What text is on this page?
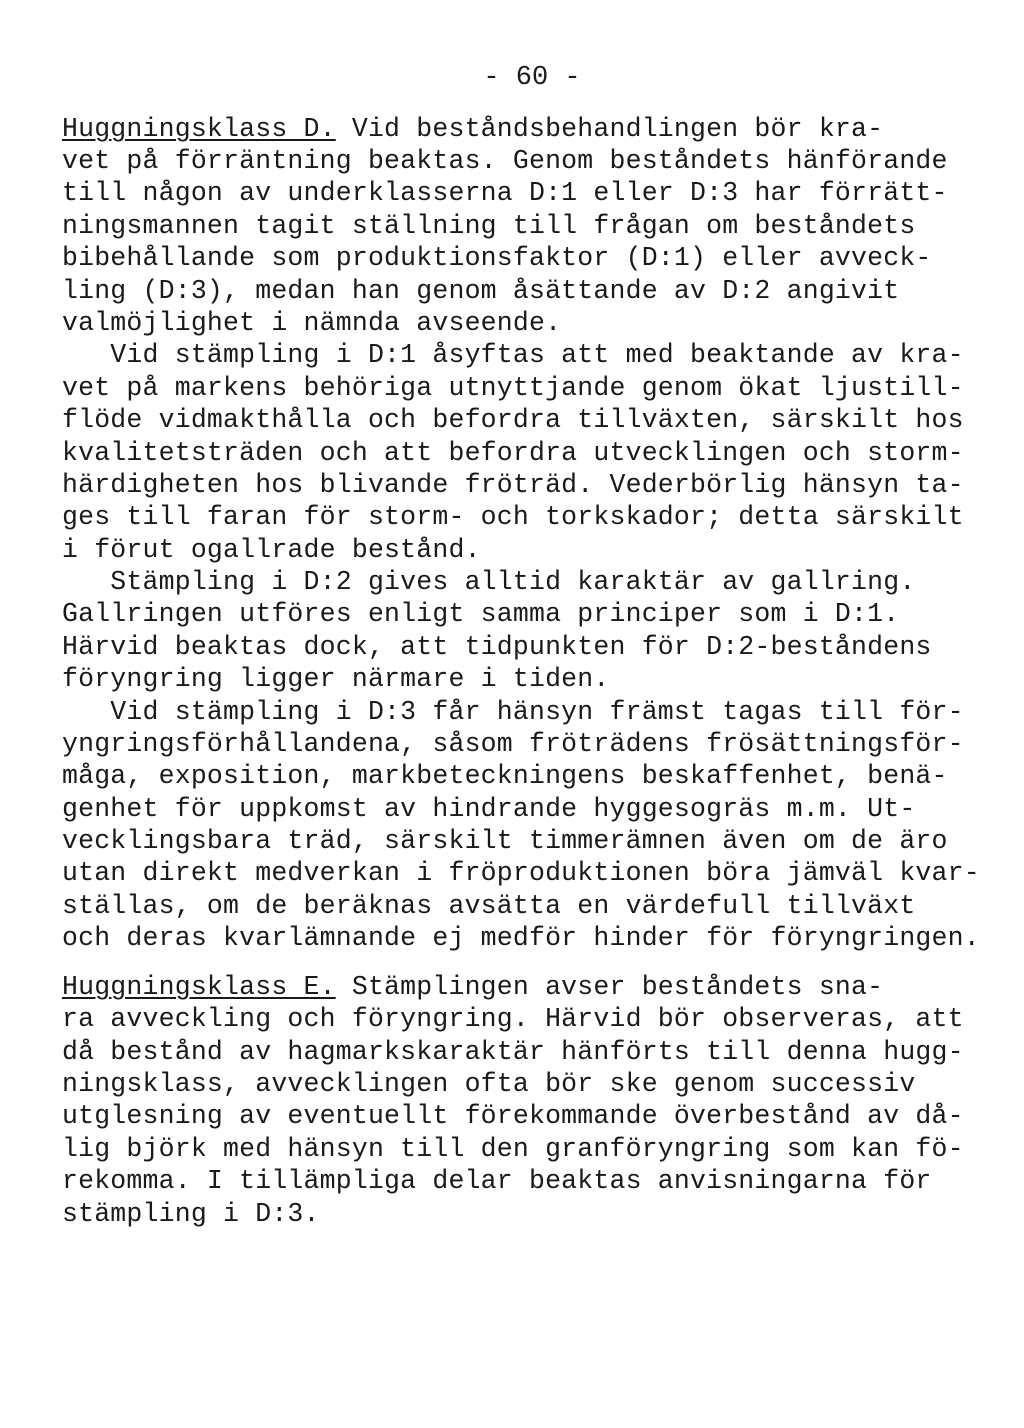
- 60 -
Huggningsklass D. Vid beståndsbehandlingen bör kra-
vet på förräntning beaktas. Genom beståndets hänförande
till någon av underklasserna D:1 eller D:3 har förrätt-
ningsmannen tagit ställning till frågan om beståndets
bibehållande som produktionsfaktor (D:1) eller avveck-
ling (D:3), medan han genom åsättande av D:2 angivit
valmöjlighet i nämnda avseende.
Vid stämpling i D:1 åsyftas att med beaktande av kra-
vet på markens behöriga utnyttjande genom ökat ljustill-
flöde vidmakthålla och befordra tillväxten, särskilt hos
kvalitetsträden och att befordra utvecklingen och storm-
härdigheten hos blivande fröträd. Vederbörlig hänsyn ta-
ges till faran för storm- och torkskador; detta särskilt
i förut ogallrade bestånd.
Stämpling i D:2 gives alltid karaktär av gallring.
Gallringen utföres enligt samma principer som i D:1.
Härvid beaktas dock, att tidpunkten för D:2-beståndens
föryngring ligger närmare i tiden.
Vid stämpling i D:3 får hänsyn främst tagas till för-
yngringsförhållandena, såsom fröträdens frösättningsför-
måga, exposition, markbeteckningens beskaffenhet, benä-
genhet för uppkomst av hindrande hyggesogräs m.m. Ut-
vecklingsbara träd, särskilt timmerämnen även om de äro
utan direkt medverkan i fröproduktionen böra jämväl kvar-
ställas, om de beräknas avsätta en värdefull tillväxt
och deras kvarlämnande ej medför hinder för föryngringen.
Huggningsklass E. Stämplingen avser beståndets sna-
ra avveckling och föryngring. Härvid bör observeras, att
då bestånd av hagmarkskaraktär hänförts till denna hugg-
ningsklass, avvecklingen ofta bör ske genom successiv
utglesning av eventuellt förekommande överbestånd av då-
lig björk med hänsyn till den granföryngring som kan fö-
rekomma. I tillämpliga delar beaktas anvisningarna för
stämpling i D:3.
